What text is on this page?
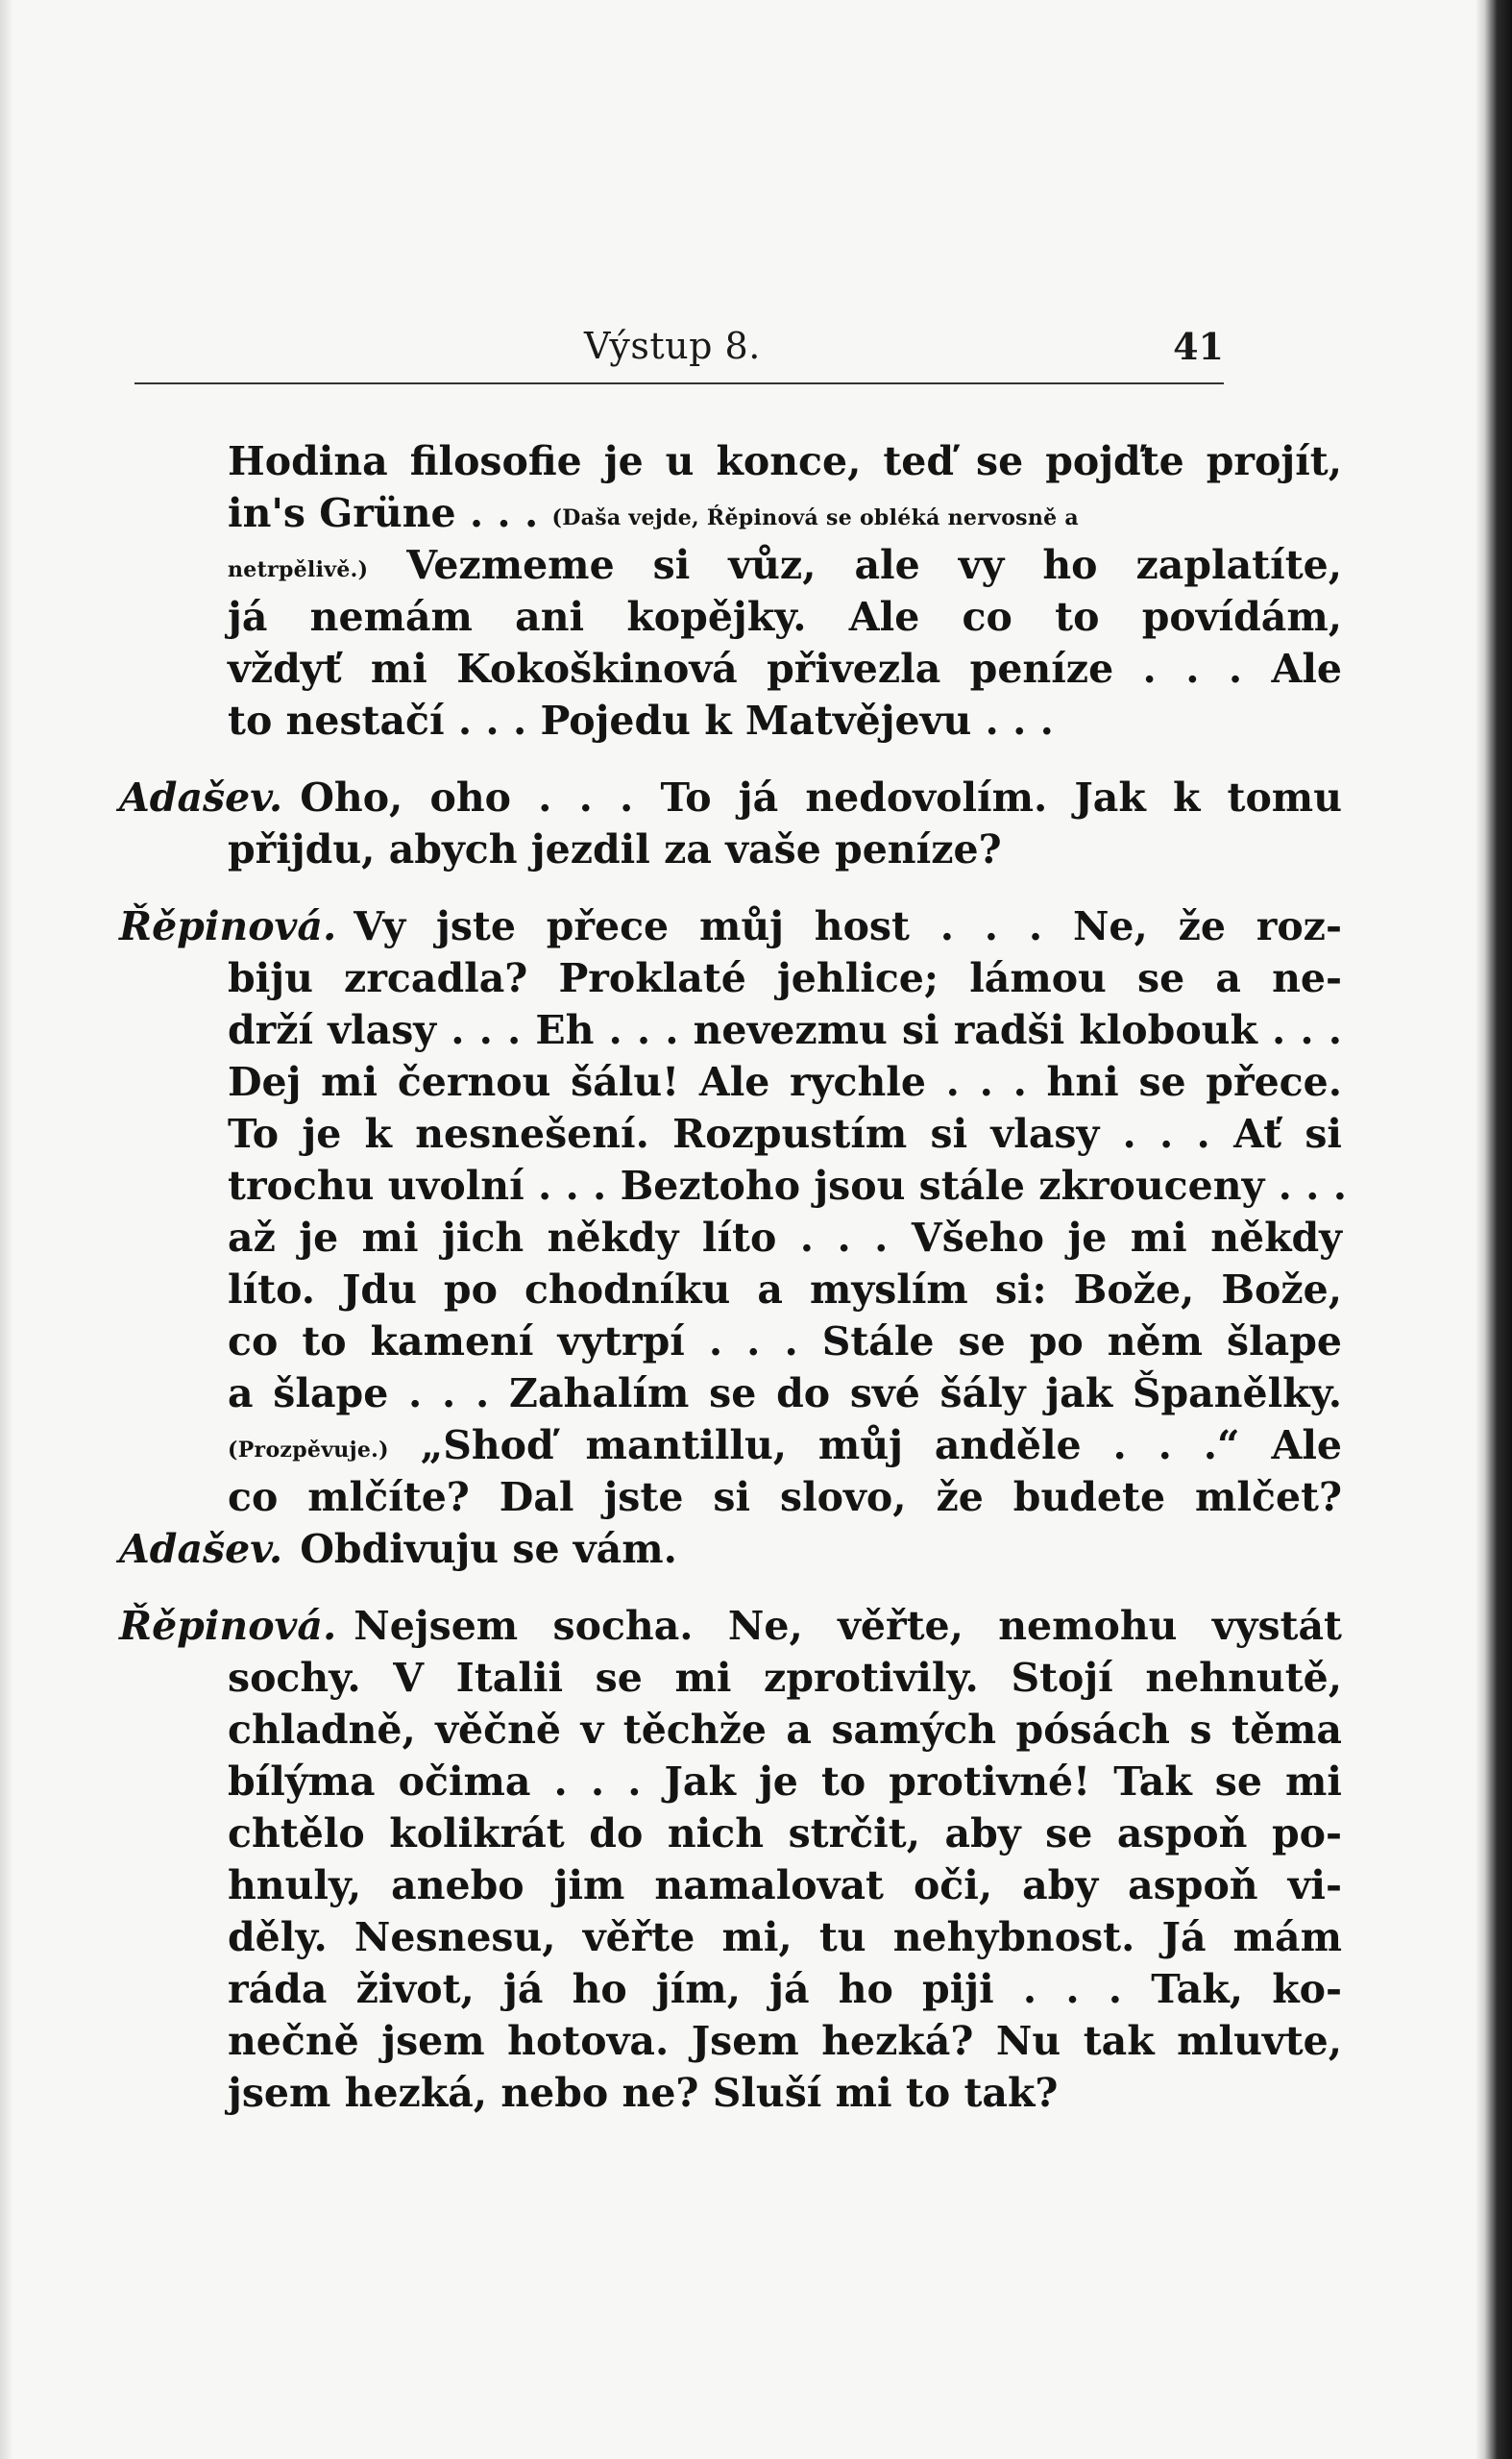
Výstup 8.	41
Hodina filosofie je u konce, teď se pojďte projít,
in's Grüne . . . (Daša vejde, Ŕěpinová se obléká nervosně a
netrpělivě.) Vezmeme si vůz, ale vy ho zaplatíte,
já nemám ani kopějky. Ale co to povídám,
vždyť mi Kokoškinová přivezla peníze . . . Ale
to nestačí . . . Pojedu k Matvějevu . . .
Adašev. Oho, oho . . . To já nedovolím. Jak k tomu
přijdu, abych jezdil za vaše peníze?
Řěpinová. Vy jste přece můj host . . . Ne, že roz-
biju zrcadla? Proklaté jehlice; lámou se a ne-
drží vlasy . . . Eh . . . nevezmu si radši klobouk . . .
Dej mi černou šálu! Ale rychle . . . hni se přece.
To je k nesnešení. Rozpustím si vlasy . . . Ať si
trochu uvolní . . . Beztoho jsou stále zkrouceny . . .
až je mi jich někdy líto . . . Všeho je mi někdy
líto. Jdu po chodníku a myslím si: Bože, Bože,
co to kamení vytrpí . . . Stále se po něm šlape
a šlape . . . Zahalím se do své šály jak Španělky.
(Prozpěvuje.) „Shoď mantillu, můj anděle . . .“ Ale
co mlčíte? Dal jste si slovo, že budete mlčet?
Adašev. Obdivuju se vám.
Řěpinová. Nejsem socha. Ne, věřte, nemohu vystát
sochy. V Italii se mi zprotivily. Stojí nehnutě,
chladně, věčně v těchže a samých pósách s těma
bílýma očima . . . Jak je to protivné! Tak se mi
chtělo kolikrát do nich strčit, aby se aspoň po-
hnuly, anebo jim namalovat oči, aby aspoň vi-
děly. Nesnesu, věřte mi, tu nehybnost. Já mám
ráda život, já ho jím, já ho piji . . . Tak, ko-
nečně jsem hotova. Jsem hezká? Nu tak mluvte,
jsem hezká, nebo ne? Sluší mi to tak?
